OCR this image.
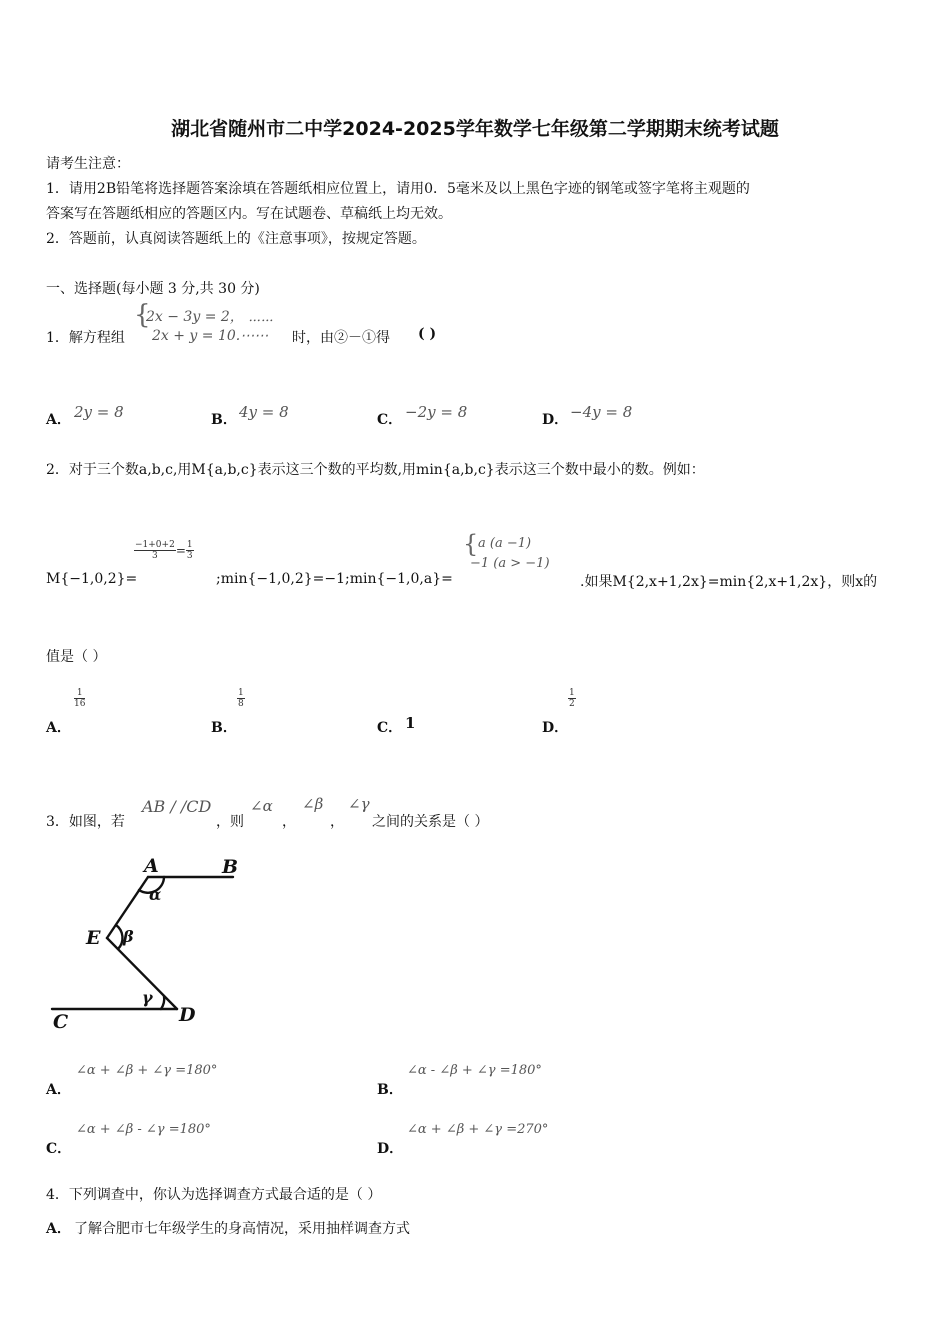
湖北省随州市二中学2024-2025学年数学七年级第二学期期末统考试题
请考生注意：
1．请用2B铅笔将选择题答案涂填在答题纸相应位置上，请用0．5毫米及以上黑色字迹的钢笔或签字笔将主观题的
答案写在答题纸相应的答题区内。写在试题卷、草稿纸上均无效。
2．答题前，认真阅读答题纸上的《注意事项》，按规定答题。
一、选择题(每小题 3 分,共 30 分)
1．解方程组
{
2x − 3y = 2， ⋯⋯
2x + y = 10.⋯⋯ 时，由②－①得 ( )
A． 2y = 8	B． 4y = 8	C． −2y = 8	D． −4y = 8
2．对于三个数a,b,c,用M{a,b,c}表示这三个数的平均数,用min{a,b,c}表示这三个数中最小的数。例如：
M{−1,0,2}=
$\frac{-1+0+2}{3} = \frac{1}{3}$
;min{−1,0,2}=−1;min{−1,0,a}=
{ a (a −1)
−1 (a > −1)
.如果M{2,x+1,2x}=min{2,x+1,2x}，则x的
值是（ ）
A．
$\frac{1}{16}$
B．
$\frac{1}{8}$
C． 1	D．
$\frac{1}{2}$
3．如图，若
AB / /CD
，则
∠α
，
∠β
，
∠γ
之间的关系是（ ）
A	B
E
C	D
α
β
γ
A．
∠α + ∠β + ∠γ =180°
B．
∠α - ∠β + ∠γ =180°
C．
∠α + ∠β - ∠γ =180°
D．
∠α + ∠β + ∠γ =270°
4．下列调查中，你认为选择调查方式最合适的是（ ）
A． 了解合肥市七年级学生的身高情况，采用抽样调查方式
